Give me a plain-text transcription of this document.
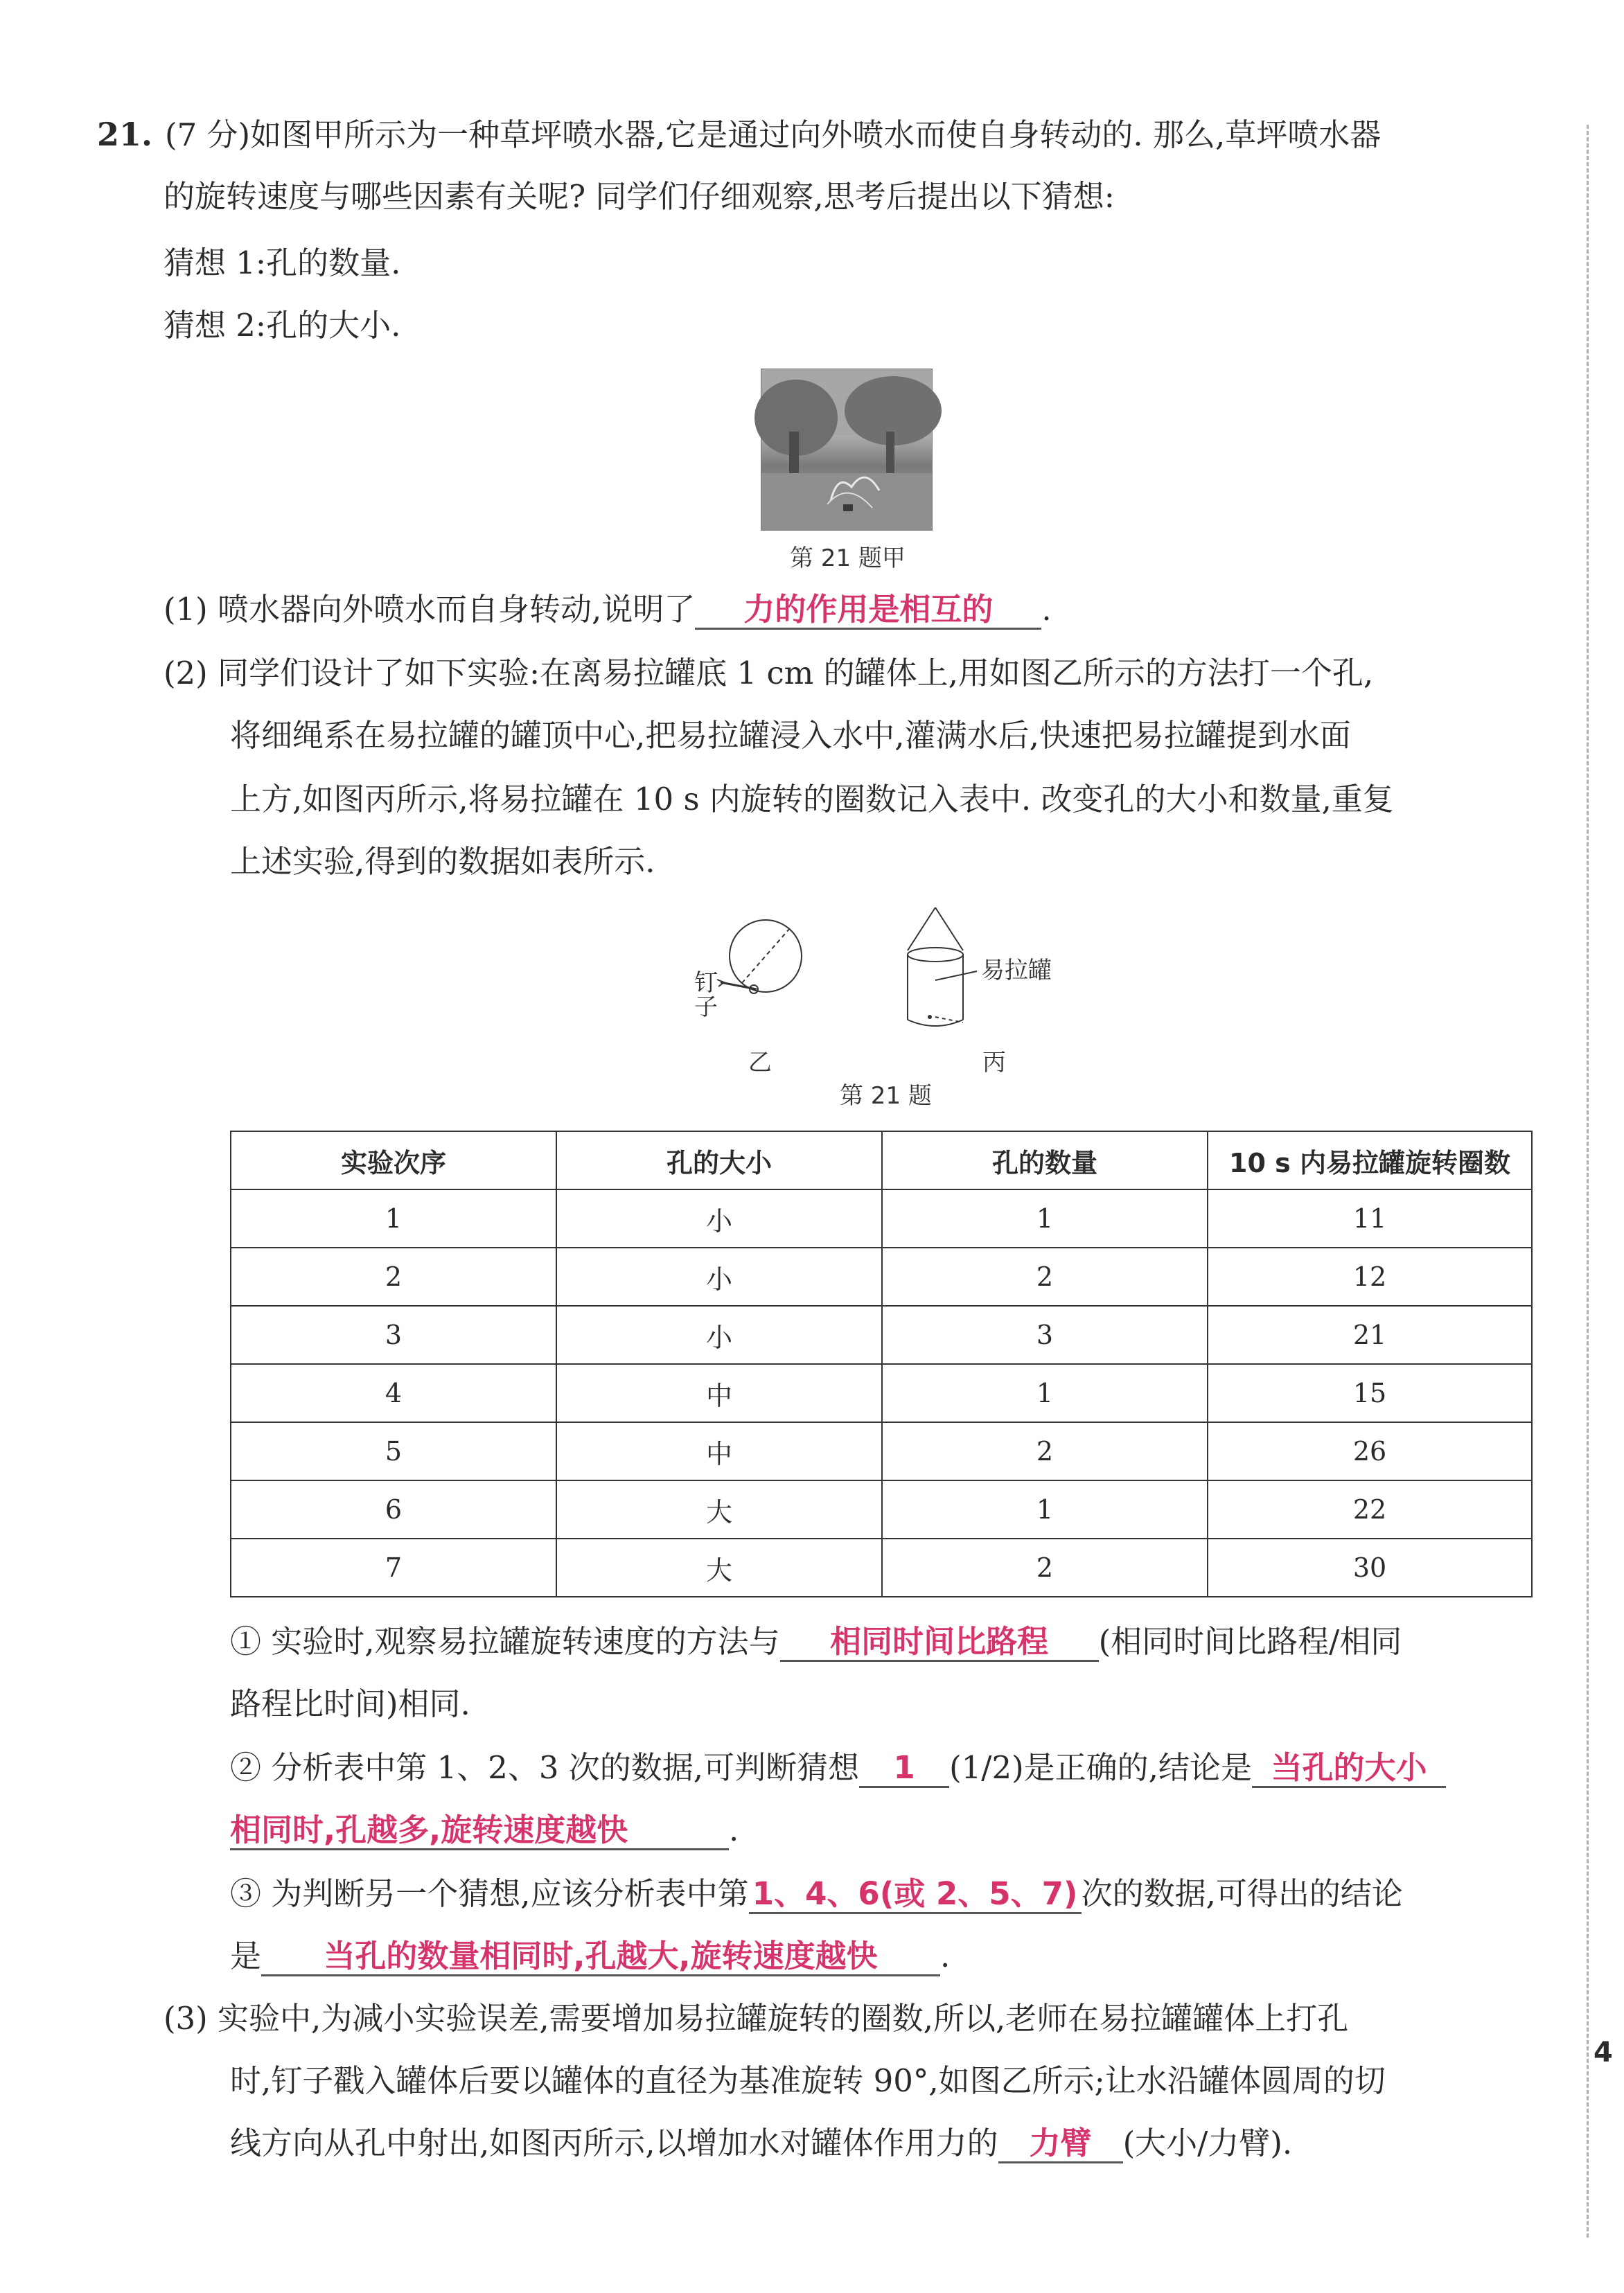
21. (7 分)如图甲所示为一种草坪喷水器,它是通过向外喷水而使自身转动的. 那么,草坪喷水器
的旋转速度与哪些因素有关呢? 同学们仔细观察,思考后提出以下猜想:
猜想 1:孔的数量.
猜想 2:孔的大小.
第 21 题甲
(1) 喷水器向外喷水而自身转动,说明了 力的作用是相互的 .
(2) 同学们设计了如下实验:在离易拉罐底 1 cm 的罐体上,用如图乙所示的方法打一个孔,
将细绳系在易拉罐的罐顶中心,把易拉罐浸入水中,灌满水后,快速把易拉罐提到水面
上方,如图丙所示,将易拉罐在 10 s 内旋转的圈数记入表中. 改变孔的大小和数量,重复
上述实验,得到的数据如表所示.
钉
子
乙
易拉罐
丙
第 21 题
实验次序	孔的大小	孔的数量	10 s 内易拉罐旋转圈数
1	小	1	11
2	小	2	12
3	小	3	21
4	中	1	15
5	中	2	26
6	大	1	22
7	大	2	30
① 实验时,观察易拉罐旋转速度的方法与 相同时间比路程 (相同时间比路程/相同
路程比时间)相同.
② 分析表中第 1、2、3 次的数据,可判断猜想 1 (1/2)是正确的,结论是 当孔的大小
相同时,孔越多,旋转速度越快	.
③ 为判断另一个猜想,应该分析表中第 1、4、6(或 2、5、7) 次的数据,可得出的结论
是 当孔的数量相同时,孔越大,旋转速度越快 .
(3) 实验中,为减小实验误差,需要增加易拉罐旋转的圈数,所以,老师在易拉罐罐体上打孔
时,钉子戳入罐体后要以罐体的直径为基准旋转 90°,如图乙所示;让水沿罐体圆周的切
线方向从孔中射出,如图丙所示,以增加水对罐体作用力的 力臂 (大小/力臂).
4
